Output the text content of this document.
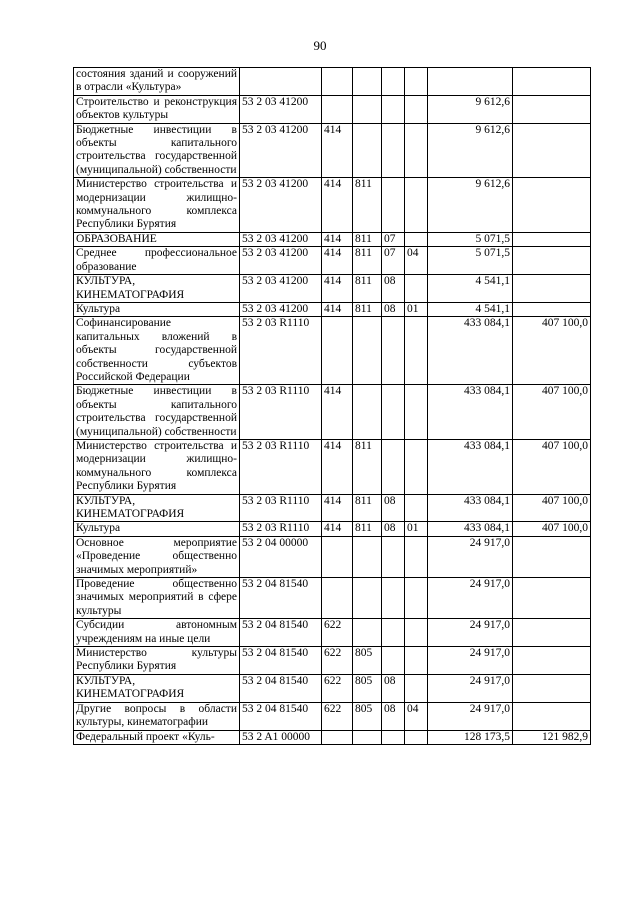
90
состояния зданий и сооружений в отрасли «Культура»							
Строительство и реконструкция объектов культуры	53 2 03 41200					9 612,6	
Бюджетные инвестиции в объекты капитального строительства государственной (муниципальной) собственности	53 2 03 41200	414				9 612,6	
Министерство строительства и модернизации жилищно-коммунального комплекса Республики Бурятия	53 2 03 41200	414	811			9 612,6	
ОБРАЗОВАНИЕ	53 2 03 41200	414	811	07		5 071,5	
Среднее профессиональное образование	53 2 03 41200	414	811	07	04	5 071,5	
КУЛЬТУРА, КИНЕМАТОГРАФИЯ	53 2 03 41200	414	811	08		4 541,1	
Культура	53 2 03 41200	414	811	08	01	4 541,1	
Софинансирование капитальных вложений в объекты государственной собственности субъектов Российской Федерации	53 2 03 R1110					433 084,1	407 100,0
Бюджетные инвестиции в объекты капитального строительства государственной (муниципальной) собственности	53 2 03 R1110	414				433 084,1	407 100,0
Министерство строительства и модернизации жилищно-коммунального комплекса Республики Бурятия	53 2 03 R1110	414	811			433 084,1	407 100,0
КУЛЬТУРА, КИНЕМАТОГРАФИЯ	53 2 03 R1110	414	811	08		433 084,1	407 100,0
Культура	53 2 03 R1110	414	811	08	01	433 084,1	407 100,0
Основное мероприятие «Проведение общественно значимых мероприятий»	53 2 04 00000					24 917,0	
Проведение общественно значимых мероприятий в сфере культуры	53 2 04 81540					24 917,0	
Субсидии автономным учреждениям на иные цели	53 2 04 81540	622				24 917,0	
Министерство культуры Республики Бурятия	53 2 04 81540	622	805			24 917,0	
КУЛЬТУРА, КИНЕМАТОГРАФИЯ	53 2 04 81540	622	805	08		24 917,0	
Другие вопросы в области культуры, кинематографии	53 2 04 81540	622	805	08	04	24 917,0	
Федеральный проект «Куль-	53 2 A1 00000					128 173,5	121 982,9
